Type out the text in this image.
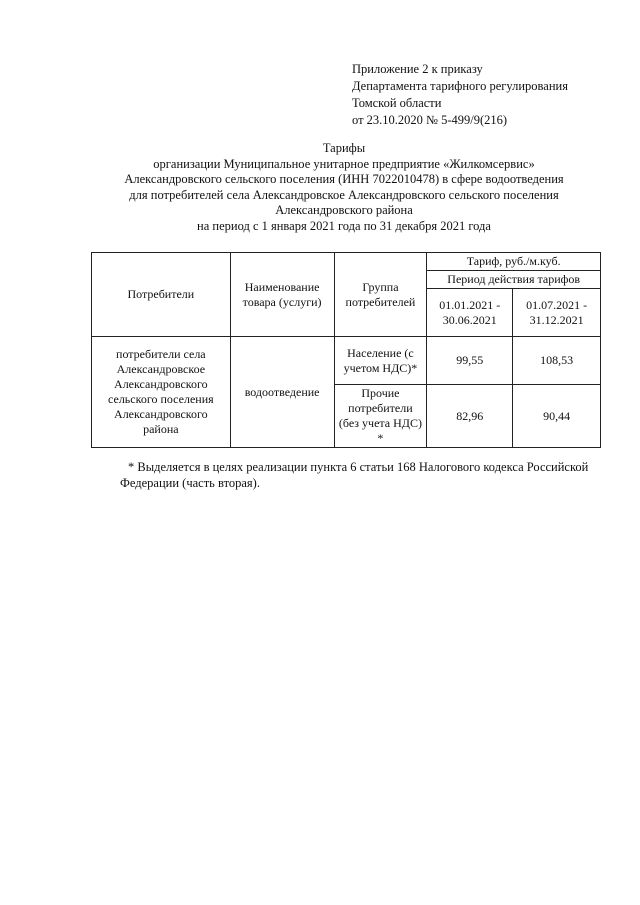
Приложение 2 к приказу
Департамента тарифного регулирования
Томской области
от 23.10.2020 № 5-499/9(216)
Тарифы
организации Муниципальное унитарное предприятие «Жилкомсервис»
Александровского сельского поселения (ИНН 7022010478) в сфере водоотведения
для потребителей села Александровское Александровского сельского поселения
Александровского района
на период с 1 января 2021 года по 31 декабря 2021 года
Потребители	Наименование товара (услуги)	Группа потребителей	Тариф, руб./м.куб.	
			Период действия тарифов	
			01.01.2021 - 30.06.2021	01.07.2021 - 31.12.2021
потребители села Александровское Александровского сельского поселения Александровского района	водоотведение	Население (с учетом НДС)*	99,55	108,53
		Прочие потребители (без учета НДС) *	82,96	90,44
* Выделяется в целях реализации пункта 6 статьи 168 Налогового кодекса Российской
Федерации (часть вторая).
